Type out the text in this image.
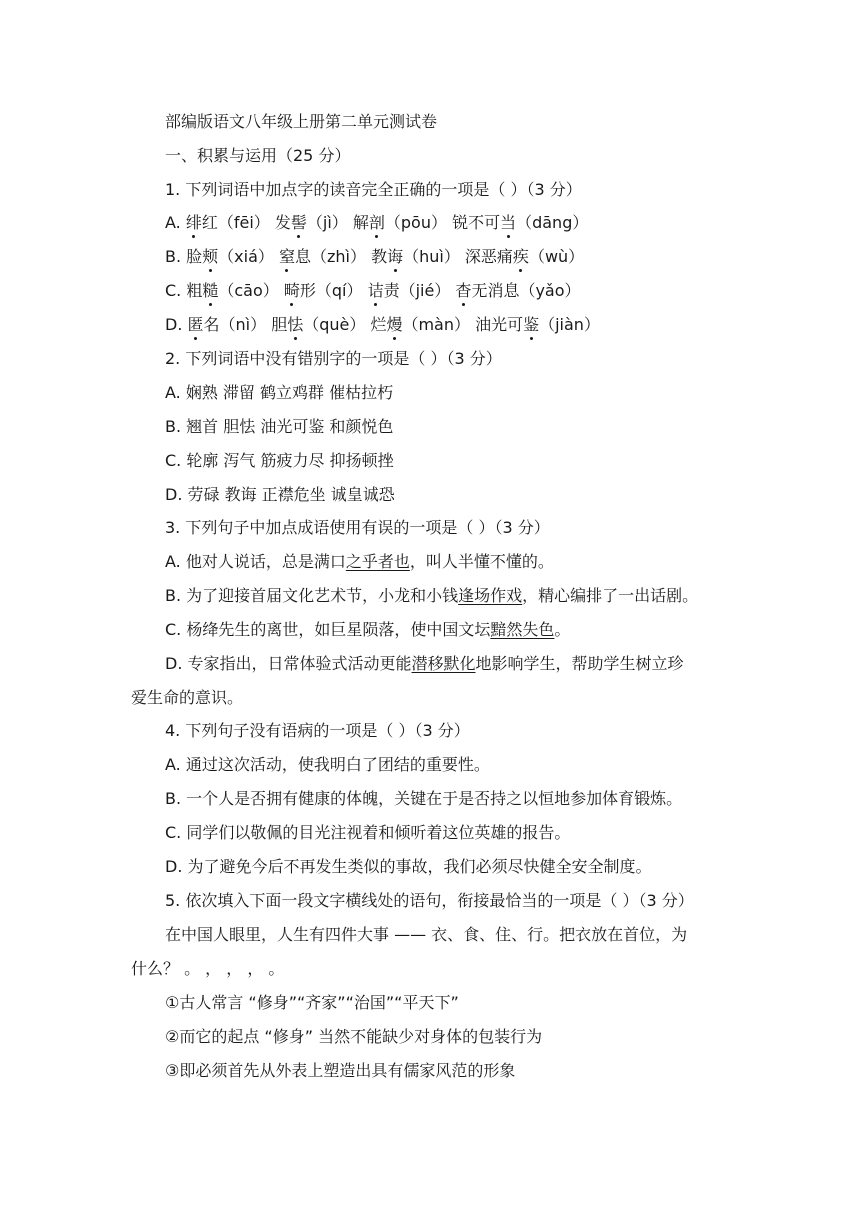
部编版语文八年级上册第二单元测试卷
一、积累与运用（25 分）
1. 下列词语中加点字的读音完全正确的一项是（ ）（3 分）
A. 绯红（fēi） 发髻（jì） 解剖（pōu） 锐不可当（dāng）
B. 脸颊（xiá） 窒息（zhì） 教诲（huì） 深恶痛疾（wù）
C. 粗糙（cāo） 畸形（qí） 诘责（jié） 杳无消息（yǎo）
D. 匿名（nì） 胆怯（què） 烂熳（màn） 油光可鉴（jiàn）
2. 下列词语中没有错别字的一项是（ ）（3 分）
A. 娴熟 滞留 鹤立鸡群 催枯拉朽
B. 翘首 胆怯 油光可鉴 和颜悦色
C. 轮廓 泻气 筋疲力尽 抑扬顿挫
D. 劳碌 教诲 正襟危坐 诚皇诚恐
3. 下列句子中加点成语使用有误的一项是（ ）（3 分）
A. 他对人说话，总是满口之乎者也，叫人半懂不懂的。
B. 为了迎接首届文化艺术节，小龙和小钱逢场作戏，精心编排了一出话剧。
C. 杨绛先生的离世，如巨星陨落，使中国文坛黯然失色。
D. 专家指出，日常体验式活动更能潜移默化地影响学生，帮助学生树立珍
爱生命的意识。
4. 下列句子没有语病的一项是（ ）（3 分）
A. 通过这次活动，使我明白了团结的重要性。
B. 一个人是否拥有健康的体魄，关键在于是否持之以恒地参加体育锻炼。
C. 同学们以敬佩的目光注视着和倾听着这位英雄的报告。
D. 为了避免今后不再发生类似的事故，我们必须尽快健全安全制度。
5. 依次填入下面一段文字横线处的语句，衔接最恰当的一项是（ ）（3 分）
在中国人眼里，人生有四件大事 —— 衣、食、住、行。把衣放在首位，为
什么？ 。 ， ， ， 。
①古人常言 “修身”“齐家”“治国”“平天下”
②而它的起点 “修身” 当然不能缺少对身体的包装行为
③即必须首先从外表上塑造出具有儒家风范的形象
